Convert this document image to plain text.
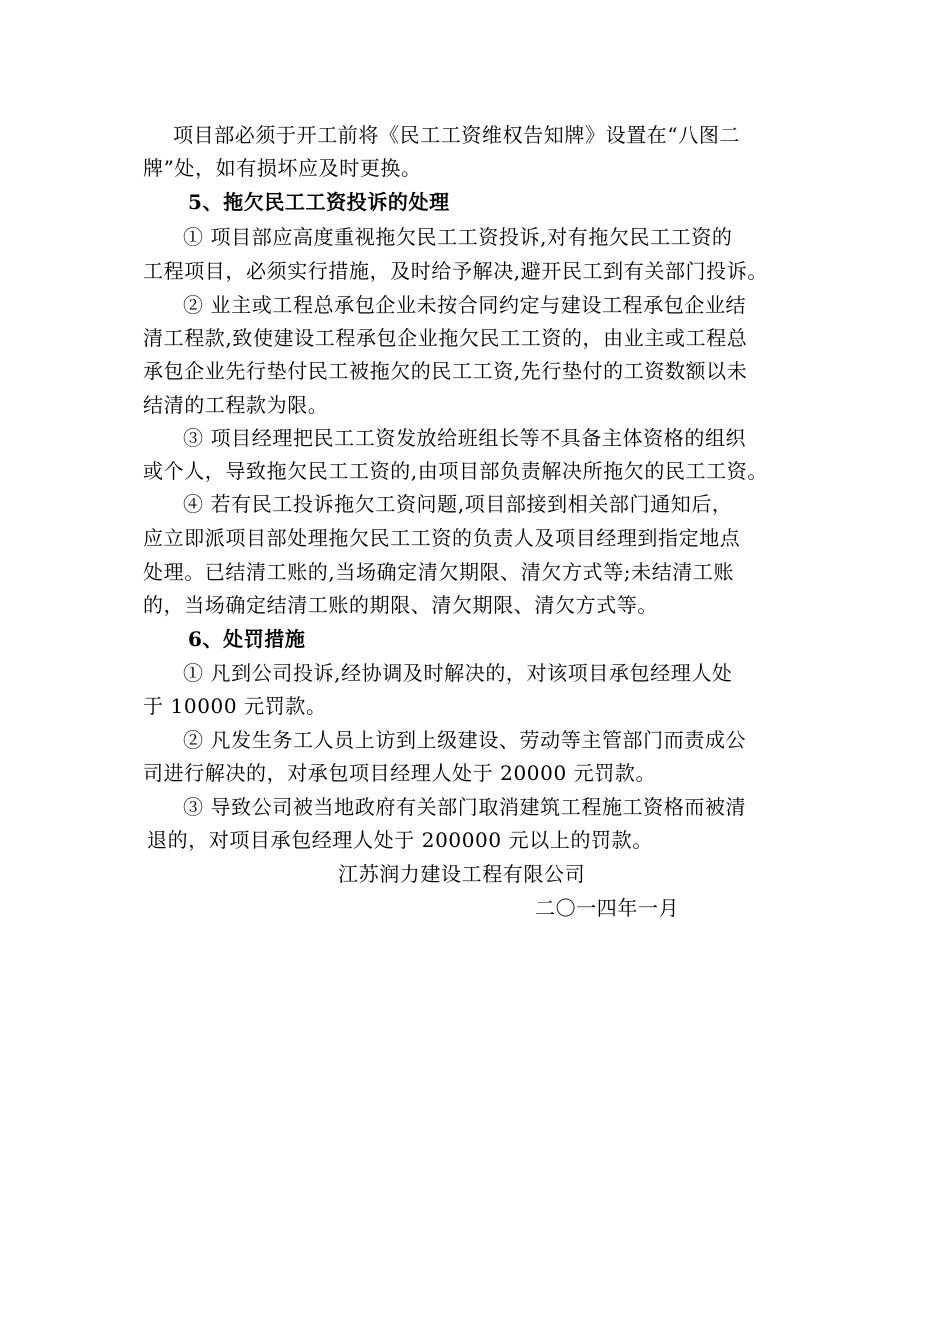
项目部必须于开工前将《民工工资维权告知牌》设置在“八图二
牌”处，如有损坏应及时更换。
5、拖欠民工工资投诉的处理
① 项目部应高度重视拖欠民工工资投诉,对有拖欠民工工资的
工程项目，必须实行措施，及时给予解决,避开民工到有关部门投诉。
② 业主或工程总承包企业未按合同约定与建设工程承包企业结
清工程款,致使建设工程承包企业拖欠民工工资的，由业主或工程总
承包企业先行垫付民工被拖欠的民工工资,先行垫付的工资数额以未
结清的工程款为限。
③ 项目经理把民工工资发放给班组长等不具备主体资格的组织
或个人，导致拖欠民工工资的,由项目部负责解决所拖欠的民工工资。
④ 若有民工投诉拖欠工资问题,项目部接到相关部门通知后，
应立即派项目部处理拖欠民工工资的负责人及项目经理到指定地点
处理。已结清工账的,当场确定清欠期限、清欠方式等;未结清工账
的，当场确定结清工账的期限、清欠期限、清欠方式等。
6、处罚措施
① 凡到公司投诉,经协调及时解决的，对该项目承包经理人处
于 10000 元罚款。
② 凡发生务工人员上访到上级建设、劳动等主管部门而责成公
司进行解决的，对承包项目经理人处于 20000 元罚款。
③ 导致公司被当地政府有关部门取消建筑工程施工资格而被清
退的，对项目承包经理人处于 200000 元以上的罚款。
江苏润力建设工程有限公司
二〇一四年一月
